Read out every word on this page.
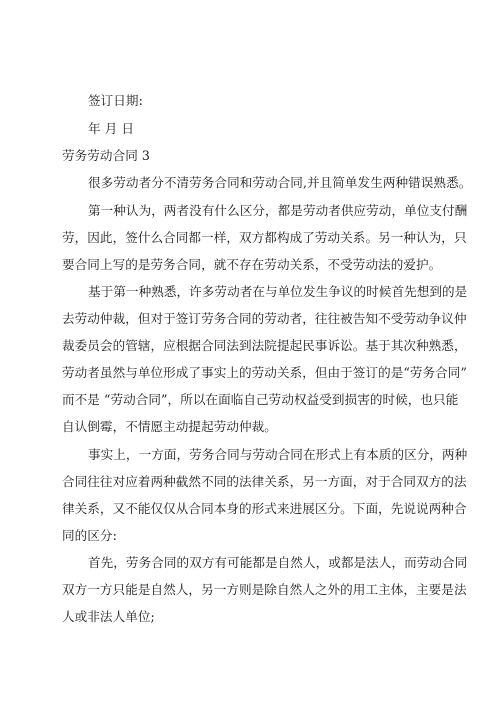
签订日期:
年 月 日
劳务劳动合同 3
很多劳动者分不清劳务合同和劳动合同,并且简单发生两种错误熟悉。
第一种认为，两者没有什么区分，都是劳动者供应劳动，单位支付酬
劳，因此，签什么合同都一样，双方都构成了劳动关系。另一种认为，只
要合同上写的是劳务合同，就不存在劳动关系，不受劳动法的爱护。
基于第一种熟悉，许多劳动者在与单位发生争议的时候首先想到的是
去劳动仲裁，但对于签订劳务合同的劳动者，往往被告知不受劳动争议仲
裁委员会的管辖，应根据合同法到法院提起民事诉讼。基于其次种熟悉，
劳动者虽然与单位形成了事实上的劳动关系，但由于签订的是“劳务合同”
而不是 “劳动合同”，所以在面临自己劳动权益受到损害的时候，也只能
自认倒霉，不情愿主动提起劳动仲裁。
事实上，一方面，劳务合同与劳动合同在形式上有本质的区分，两种
合同往往对应着两种截然不同的法律关系，另一方面，对于合同双方的法
律关系，又不能仅仅从合同本身的形式来进展区分。下面，先说说两种合
同的区分:
首先，劳务合同的双方有可能都是自然人，或都是法人，而劳动合同
双方一方只能是自然人，另一方则是除自然人之外的用工主体，主要是法
人或非法人单位;
